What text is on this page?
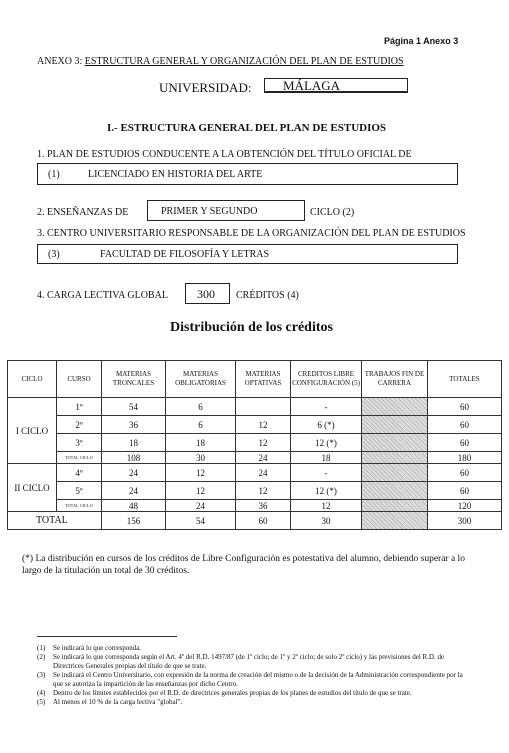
Página 1 Anexo 3
ANEXO 3: ESTRUCTURA GENERAL Y ORGANIZACIÓN DEL PLAN DE ESTUDIOS
UNIVERSIDAD: MÁLAGA
I.- ESTRUCTURA GENERAL DEL PLAN DE ESTUDIOS
1. PLAN DE ESTUDIOS CONDUCENTE A LA OBTENCIÓN DEL TÍTULO OFICIAL DE
(1)	LICENCIADO EN HISTORIA DEL ARTE
2. ENSEÑANZAS DE	PRIMER Y SEGUNDO	CICLO (2)
3. CENTRO UNIVERSITARIO RESPONSABLE DE LA ORGANIZACIÓN DEL PLAN DE ESTUDIOS
(3)	FACULTAD DE FILOSOFÍA Y LETRAS
4. CARGA LECTIVA GLOBAL 300 CRÉDITOS (4)
Distribución de los créditos
CICLO	CURSO	MATERIAS TRONCALES	MATERIAS OBLIGATORIAS	MATERIAS OPTATIVAS	CREDITOS LIBRE CONFIGURACIÓN (5)	TRABAJOS FIN DE CARRERA	TOTALES
I CICLO	1º	54	6		-		60
	2º	36	6	12	6 (*)		60
	3º	18	18	12	12 (*)		60
	TOTAL CICLO	108	30	24	18		180
II CICLO	4º	24	12	24	-		60
	5º	24	12	12	12 (*)		60
	TOTAL CICLO	48	24	36	12		120
TOTAL		156	54	60	30		300
(*) La distribución en cursos de los créditos de Libre Configuración es potestativa del alumno, debiendo superar a lo largo de la titulación un total de 30 créditos.
(1)	Se indicará lo que corresponda.
(2)	Se indicará lo que corresponda según el Art. 4º del R.D. 1497/87 (de 1º ciclo; de 1º y 2º ciclo; de solo 2º ciclo) y las previsiones del R.D. de Directrices Generales propias del título de que se trate.
(3)	Se indicará el Centro Universitario, con expresión de la norma de creación del mismo o de la decisión de la Administración correspondiente por la que se autoriza la impartición de las enseñanzas por dicho Centro.
(4)	Dentro de los límites establecidos por el R.D. de directrices generales propias de los planes de estudios del título de que se trate.
(5)	Al menos el 10 % de la carga lectiva "global".
